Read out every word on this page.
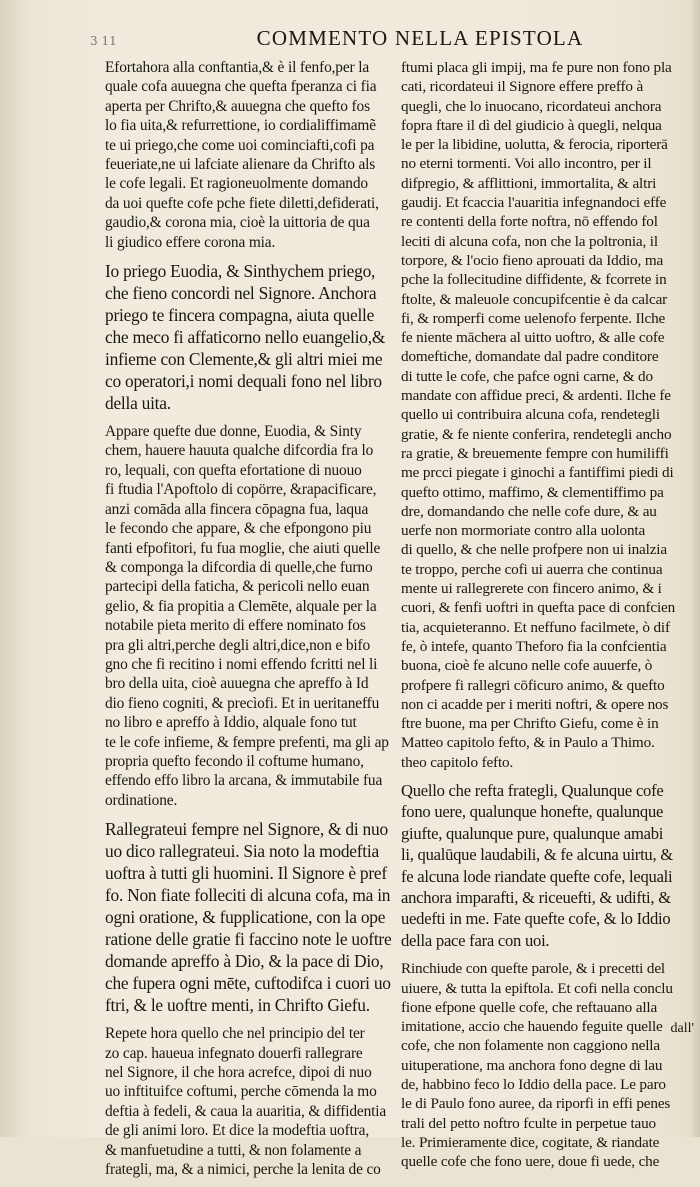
3 11	COMMENTO NELLA EPISTOLA

Efortahora alla conftantia,& è il fenfo,per la
quale cofa auuegna che quefta fperanza ci fia
aperta per Chrifto,& auuegna che quefto fos
lo fia uita,& refurrettione, io cordialiffimamẽ
te ui priego,che come uoi cominciafti,cofi pa
feueriate,ne ui lafciate alienare da Chrifto als
le cofe legali. Et ragioneuolmente domando
da uoi quefte cofe pche fiete diletti,defiderati,
gaudio,& corona mia, cioè la uittoria de qua
li giudico effere corona mia.

Io priego Euodia, & Sinthychem priego,
che fieno concordi nel Signore. Anchora
priego te fincera compagna, aiuta quelle
che meco fi affaticorno nello euangelio,&
infieme con Clemente,& gli altri miei me
co operatori,i nomi dequali fono nel libro
della uita.

Appare quefte due donne, Euodia, & Sinty
chem, hauere hauuta qualche difcordia fra lo
ro, lequali, con quefta efortatione di nuouo
fi ftudia l'Apoftolo di copörre, &rapacificare,
anzi comāda alla fincera cōpagna fua, laqua
le fecondo che appare, & che efpongono piu
fanti efpofitori, fu fua moglie, che aiuti quelle
& componga la difcordia di quelle,che furno
partecipi della faticha, & pericoli nello euan
gelio, & fia propitia a Clemēte, alquale per la
notabile pieta merito di effere nominato fos
pra gli altri,perche degli altri,dice,non e bifo
gno che fi recitino i nomi effendo fcritti nel li
bro della uita, cioè auuegna che apreffo à Id
dio fieno cogniti, & precìofi. Et in ueritaneffu
no libro e apreffo à Iddio, alquale fono tut
te le cofe infieme, & fempre prefenti, ma gli ap
propria quefto fecondo il coftume humano,
effendo effo libro la arcana, & immutabile fua
ordinatione.

Rallegrateui fempre nel Signore, & di nuo
uo dico rallegrateui. Sia noto la modeftia
uoftra à tutti gli huomini. Il Signore è pref
fo. Non fiate folleciti di alcuna cofa, ma in
ogni oratione, & fupplicatione, con la ope
ratione delle gratie fi faccino note le uoftre
domande apreffo à Dio, & la pace di Dio,
che fupera ogni mēte, cuftodifca i cuori uo
ftri, & le uoftre menti, in Chrifto Giefu.

Repete hora quello che nel principio del ter
zo cap. haueua infegnato douerfi rallegrare
nel Signore, il che hora acrefce, dipoi di nuo
uo inftituifce coftumi, perche cōmenda la mo
deftia à fedeli, & caua la auaritia, & diffidentia
de gli animi loro. Et dice la modeftia uoftra,
& manfuetudine a tutti, & non folamente a
frategli, ma, & a nimici, perche la lenita de co

ftumi placa gli impij, ma fe pure non fono pla
cati, ricordateui il Signore effere preffo à
quegli, che lo inuocano, ricordateui anchora
fopra ftare il dì del giudicio à quegli, nelqua
le per la libidine, uolutta, & ferocia, riporterā
no eterni tormenti. Voi allo incontro, per il
difpregio, & afflittioni, immortalita, & altri
gaudij. Et fcaccia l'auaritia infegnandoci effe
re contenti della forte noftra, nō effendo fol
leciti di alcuna cofa, non che la poltronia, il
torpore, & l'ocio fieno aprouati da Iddio, ma
pche la follecitudine diffidente, & fcorrete in
ftolte, & maleuole concupifcentie è da calcar
fi, & romperfi come uelenofo ferpente. Ilche
fe niente māchera al uitto uoftro, & alle cofe
domeftiche, domandate dal padre conditore
di tutte le cofe, che pafce ogni carne, & do
mandate con affidue preci, & ardenti. Ilche fe
quello ui contribuira alcuna cofa, rendetegli
gratie, & fe niente conferira, rendetegli ancho
ra gratie, & breuemente fempre con humiliffi
me prcci piegate i ginochi a fantiffimi piedi di
quefto ottimo, maffimo, & clementiffimo pa
dre, domandando che nelle cofe dure, & au
uerfe non mormoriate contro alla uolonta
di quello, & che nelle profpere non ui inalzia
te troppo, perche cofi ui auerra che continua
mente ui rallegrerete con fincero animo, & i
cuori, & fenfi uoftri in quefta pace di confcien
tia, acquieteranno. Et neffuno facilmete, ò dif
fe, ò intefe, quanto Theforo fia la confcientia
buona, cioè fe alcuno nelle cofe auuerfe, ò
profpere fi rallegri cōficuro animo, & quefto
non ci acadde per i meriti noftri, & opere nos
ftre buone, ma per Chrifto Giefu, come è in
Matteo capitolo fefto, & in Paulo a Thimo.
theo capitolo fefto.

Quello che refta frategli, Qualunque cofe
fono uere, qualunque honefte, qualunque
giufte, qualunque pure, qualunque amabi
li, qualūque laudabili, & fe alcuna uirtu, &
fe alcuna lode riandate quefte cofe, lequali
anchora imparafti, & riceuefti, & udifti, &
uedefti in me. Fate quefte cofe, & lo Iddio
della pace fara con uoi.

Rinchiude con quefte parole, & i precetti del
uiuere, & tutta la epiftola. Et cofi nella conclu
fione efpone quelle cofe, che reftauano alla
imitatione, accio che hauendo feguite quelle
cofe, che non folamente non caggiono nella
uituperatione, ma anchora fono degne di lau
de, habbino feco lo Iddio della pace. Le paro
le di Paulo fono auree, da riporfi in effi penes
trali del petto noftro fculte in perpetue tauo
le. Primieramente dice, cogitate, & riandate
quelle cofe che fono uere, doue fi uede, che

dall'
